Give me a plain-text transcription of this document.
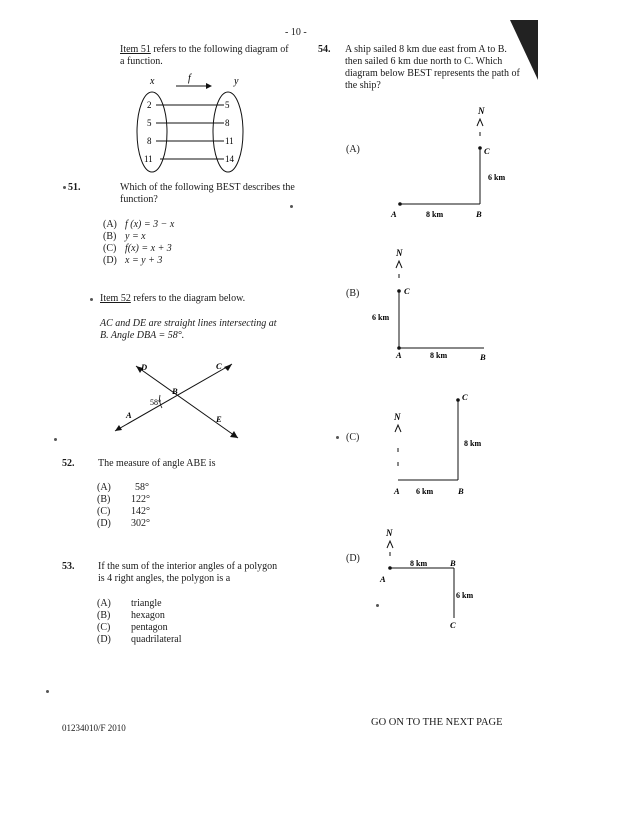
- 10 -
Item 51 refers to the following diagram of
a function.
x	f	y
2
5
8
11
5
8
11
14
51.	Which of the following BEST describes the
function?
(A) f (x) = 3 − x
(B) y = x
(C) f(x) = x + 3
(D) x = y + 3
Item 52 refers to the diagram below.
AC and DE are straight lines intersecting at
B. Angle DBA = 58°.
D	C
B
A	E
58°
52. The measure of angle ABE is
(A) 58°
(B) 122°
(C) 142°
(D) 302°
53. If the sum of the interior angles of a polygon
is 4 right angles, the polygon is a
(A) triangle
(B) hexagon
(C) pentagon
(D) quadrilateral
54. A ship sailed 8 km due east from A to B.
then sailed 6 km due north to C. Which
diagram below BEST represents the path of
the ship?
(A)
N
A	B
C
8 km
6 km
(B)
N
C
A	B
6 km
8 km
(C)
N
C
A	B
6 km
8 km
(D)
N
A
B
C
8 km
6 km
01234010/F 2010	GO ON TO THE NEXT PAGE
